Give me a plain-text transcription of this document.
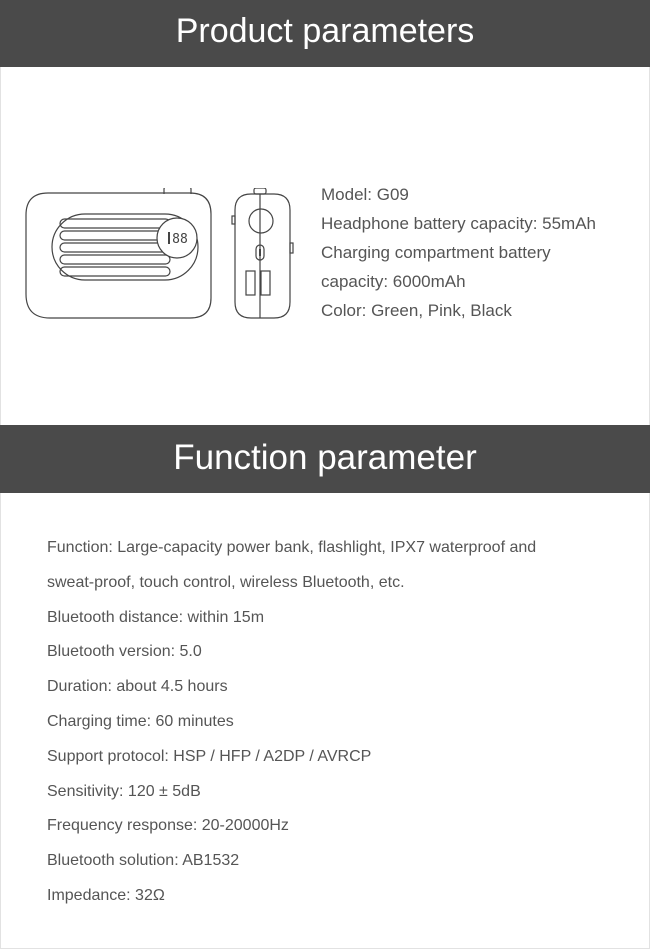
Product parameters
88
Model: G09
Headphone battery capacity: 55mAh
Charging compartment battery
capacity: 6000mAh
Color: Green, Pink, Black
Function parameter
Function: Large-capacity power bank, flashlight, IPX7 waterproof and
sweat-proof, touch control, wireless Bluetooth, etc.
Bluetooth distance: within 15m
Bluetooth version: 5.0
Duration: about 4.5 hours
Charging time: 60 minutes
Support protocol: HSP / HFP / A2DP / AVRCP
Sensitivity: 120 ± 5dB
Frequency response: 20-20000Hz
Bluetooth solution: AB1532
Impedance: 32Ω
